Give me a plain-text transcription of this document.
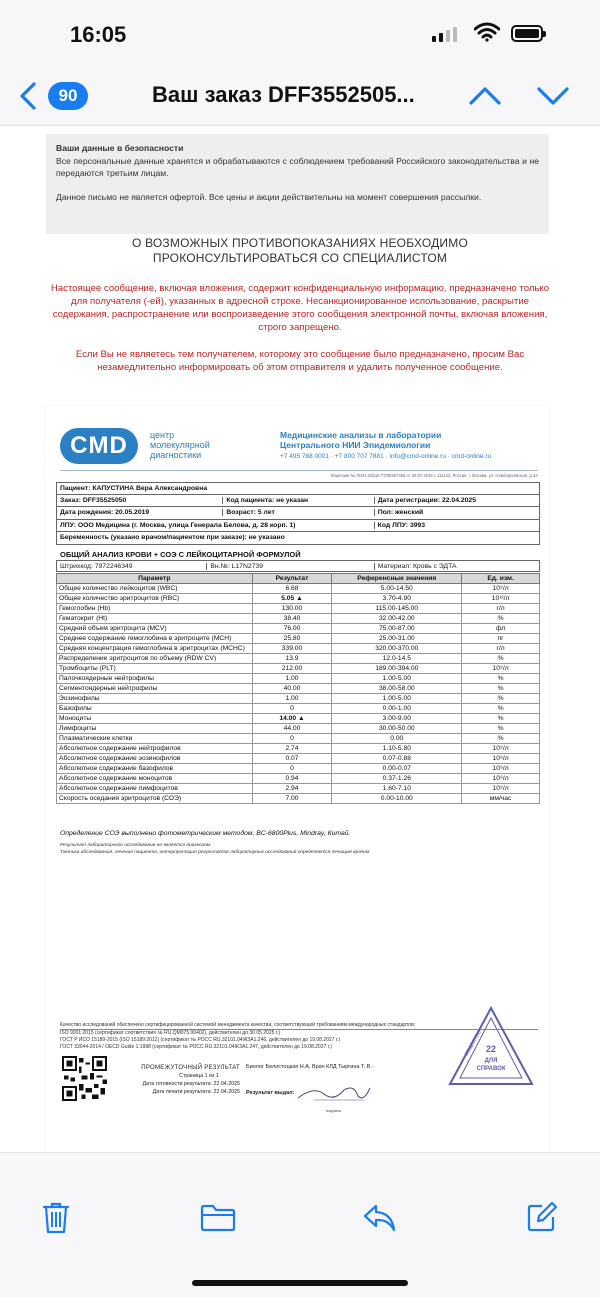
16:05
90	Ваш заказ DFF3552505...
Ваши данные в безопасности

Все персональные данные хранятся и обрабатываются с соблюдением требований Российского законодательства и не передаются третьим лицам.

Данное письмо не является офертой. Все цены и акции действительны на момент совершения рассылки.

О ВОЗМОЖНЫХ ПРОТИВОПОКАЗАНИЯХ НЕОБХОДИМО ПРОКОНСУЛЬТИРОВАТЬСЯ СО СПЕЦИАЛИСТОМ
Настоящее сообщение, включая вложения, содержит конфиденциальную информацию, предназначено только для получателя (-ей), указанных в адресной строке. Несанкционированное использование, раскрытие содержания, распространение или воспроизведение этого сообщения электронной почты, включая вложения, строго запрещено.
Если Вы не являетесь тем получателем, которому это сообщение было предназначено, просим Вас незамедлительно информировать об этом отправителя и удалить полученное сообщение.
CMD	центр
молекулярной
диагностики
Медицинские анализы в лаборатории
Центрального НИИ Эпидемиологии
+7 495 788 0001 · +7 800 707 7881 · info@cmd-online.ru · cmd-online.ru
Лицензия № ЛО41-00110-77/00397456 от 05.07.2016 г. 111123, Россия, г. Москва, ул. Новогиреевская, д.3А
Пациент: КАПУСТИНА Вера Александровна
Заказ: DFF35525050	Код пациента: не указан	Дата регистрации: 22.04.2025
Дата рождения: 20.05.2019	Возраст: 5 лет	Пол: женский
ЛПУ: ООО Медицина (г. Москва, улица Генерала Белова, д. 28 корп. 1)	Код ЛПУ: 3993
Беременность (указано врачом/пациентом при заказе): не указано
ОБЩИЙ АНАЛИЗ КРОВИ + СОЭ С ЛЕЙКОЦИТАРНОЙ ФОРМУЛОЙ
Штрихкод: 7972246349	Вн.№: L17N2739	Материал: Кровь с ЭДТА
Параметр	Результат	Референсные значения	Ед. изм.
Общее количество лейкоцитов (WBC)	6.68	5.00-14.50	10⁹/л
Общее количество эритроцитов (RBC)	5.05 ▲	3.70-4.90	10¹²/л
Гемоглобин (Hb)	130.00	115.00-145.00	г/л
Гематокрит (Ht)	38.40	32.00-42.00	%
Средний объем эритроцита (MCV)	76.00	75.00-87.00	фл
Среднее содержание гемоглобина в эритроците (MCH)	25.80	25.00-31.00	пг
Средняя концентрация гемоглобина в эритроцитах (MCHC)	339.00	320.00-370.00	г/л
Распределение эритроцитов по объему (RDW CV)	13.9	12.0-14.5	%
Тромбоциты (PLT)	212.00	189.00-394.00	10⁹/л
Палочкоядерные нейтрофилы	1.00	1.00-5.00	%
Сегментоядерные нейтрофилы	40.00	38.00-58.00	%
Эозинофилы	1.00	1.00-5.00	%
Базофилы	0	0.00-1.00	%
Моноциты	14.00 ▲	3.00-9.00	%
Лимфоциты	44.00	30.00-50.00	%
Плазматические клетки	0	0.00	%
Абсолютное содержание нейтрофилов	2.74	1.10-5.80	10⁹/л
Абсолютное содержание эозинофилов	0.07	0.07-0.88	10⁹/л
Абсолютное содержание базофилов	0	0.00-0.07	10⁹/л
Абсолютное содержание моноцитов	0.94	0.37-1.26	10⁹/л
Абсолютное содержание лимфоцитов	2.94	1.60-7.10	10⁹/л
Скорость оседания эритроцитов (СОЭ)	7.00	0.00-10.00	мм/час
Определение СОЭ выполнено фотометрическим методом, BC-6800Plus, Mindray, Китай.
Результат лабораторного исследования не является диагнозом.
Тактика обследования, лечения пациента, интерпретация результатов лабораторных исследований определяется лечащим врачом.
Качество исследований обеспечено сертифицированной системой менеджмента качества, соответствующей требованиям международных стандартов:
ISO 9001:2015 (сертификат соответствия № RU.QM075.00402), действителен до 30.05.2025 г.)
ГОСТ Р ИСО 15189-2015 (ISO 15189:2012) (сертификат № РОСС RU.32101.04ЖЗА1.246, действителен до 19.08.2027 г.)
ГОСТ 33044-2014 / OECD Guide 1:1998 (сертификат № РОСС RU.32101.04ЖЗА1.247, действителен до 19.08.2027 г.)
ПРОМЕЖУТОЧНЫЙ РЕЗУЛЬТАТ
Страница 1 из 1
Дата готовности результата: 22.04.2025
Дата печати результата: 22.04.2025
Биолог Белостоцкая Н.А, Врач КЛД Тыргина Т. В.
Результат выдал:
подпись
22
ДЛЯ
СПРАВОК
ОБЩЕСТВО
